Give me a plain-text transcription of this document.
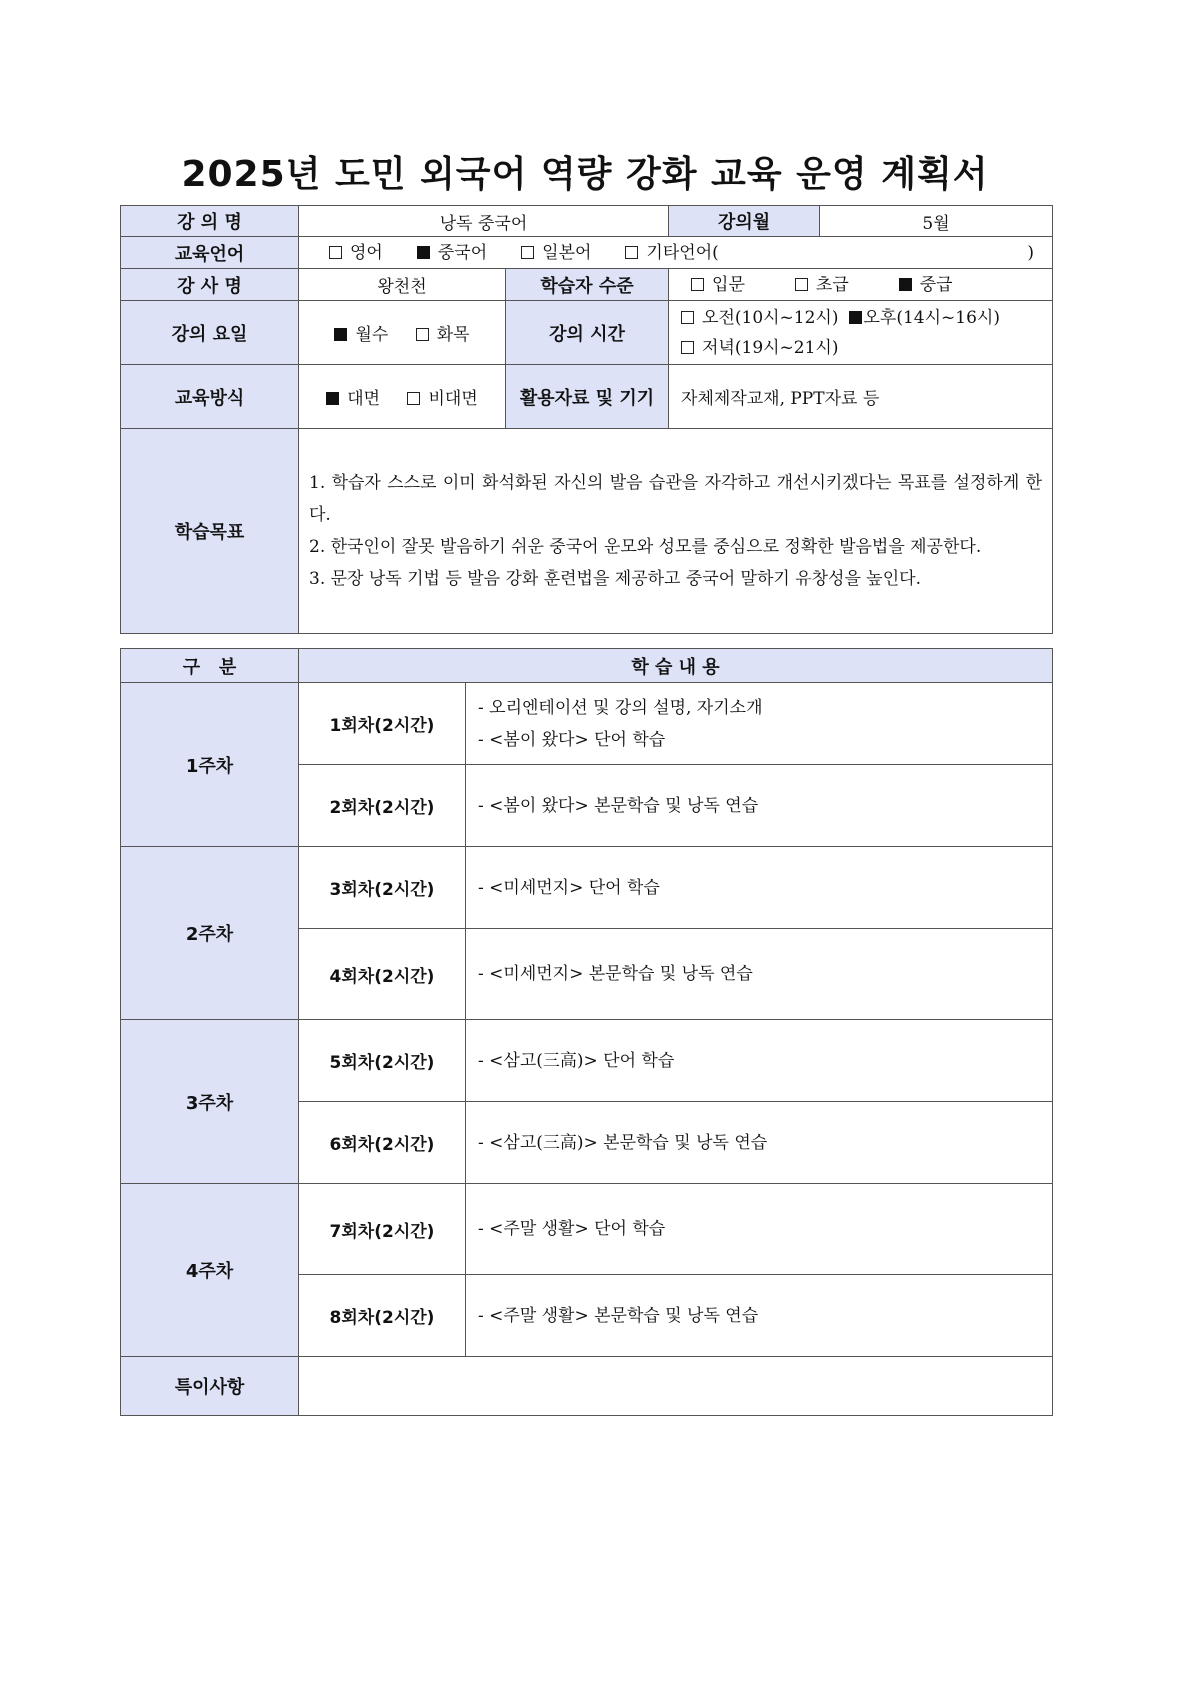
2025년 도민 외국어 역량 강화 교육 운영 계획서
강 의 명	낭독 중국어		강의월	5월
교육언어	영어 중국어 일본어 기타언어( )			

강 사 명	왕천천	학습자 수준	입문 초급 중급	

강의 요일	월수 화목	강의 시간	오전(10시~12시) 오후(14시~16시)
저녁(19시~21시)	

교육방식	대면 비대면	활용자료 및 기기	자체제작교재, PPT자료 등	
학습목표	1. 학습자 스스로 이미 화석화된 자신의 발음 습관을 자각하고 개선시키겠다는 목표를 설정하게 한다.
2. 한국인이 잘못 발음하기 쉬운 중국어 운모와 성모를 중심으로 정확한 발음법을 제공한다.
3. 문장 낭독 기법 등 발음 강화 훈련법을 제공하고 중국어 말하기 유창성을 높인다.			
구   분	학 습 내 용	
1주차	1회차(2시간)	- 오리엔테이션 및 강의 설명, 자기소개
- <봄이 왔다> 단어 학습

	2회차(2시간)	- <봄이 왔다> 본문학습 및 낭독 연습

2주차	3회차(2시간)	- <미세먼지> 단어 학습

	4회차(2시간)	- <미세먼지> 본문학습 및 낭독 연습

3주차	5회차(2시간)	- <삼고(三高)> 단어 학습

	6회차(2시간)	- <삼고(三高)> 본문학습 및 낭독 연습

4주차	7회차(2시간)	- <주말 생활> 단어 학습

	8회차(2시간)	- <주말 생활> 본문학습 및 낭독 연습

특이사항		
